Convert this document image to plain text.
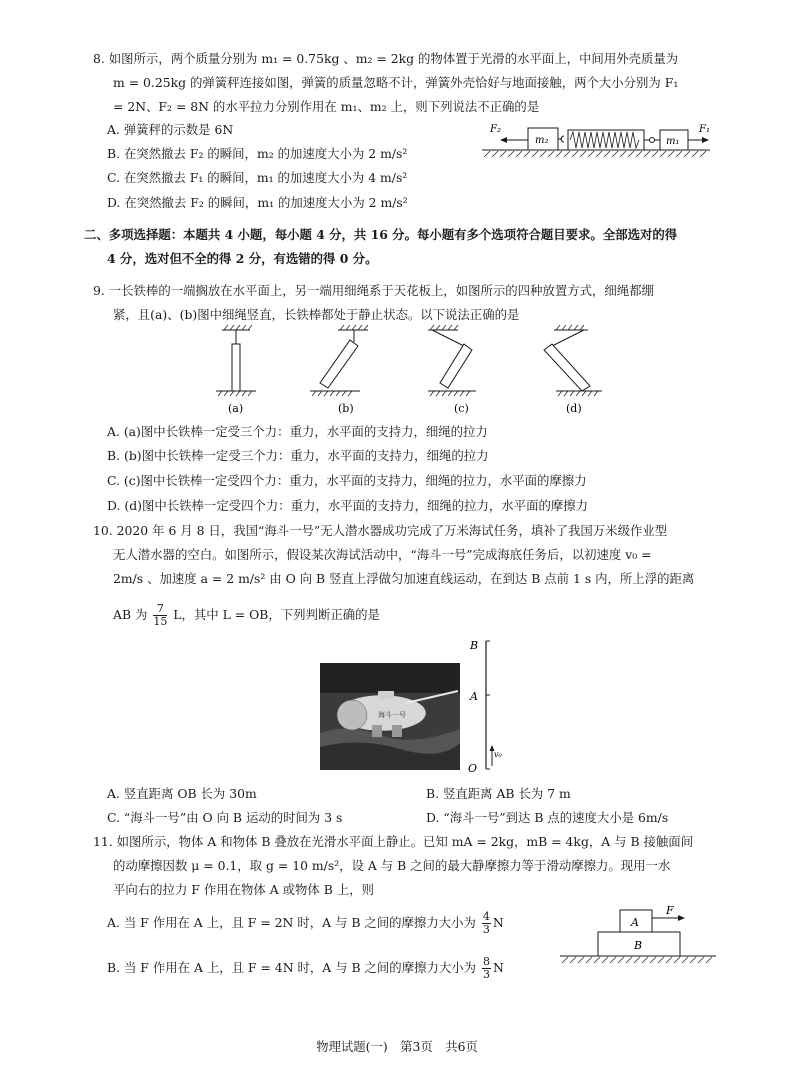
8. 如图所示，两个质量分别为 m₁ = 0.75kg 、m₂ = 2kg 的物体置于光滑的水平面上，中间用外壳质量为
m = 0.25kg 的弹簧秤连接如图，弹簧的质量忽略不计，弹簧外壳恰好与地面接触，两个大小分别为 F₁
= 2N、F₂ = 8N 的水平拉力分别作用在 m₁、m₂ 上，则下列说法不正确的是
A. 弹簧秤的示数是 6N
B. 在突然撤去 F₂ 的瞬间，m₂ 的加速度大小为 2 m/s²
C. 在突然撤去 F₁ 的瞬间，m₁ 的加速度大小为 4 m/s²
D. 在突然撤去 F₂ 的瞬间，m₁ 的加速度大小为 2 m/s²
F₂
m₂	m₁
F₁
二、多项选择题：本题共 4 小题，每小题 4 分，共 16 分。每小题有多个选项符合题目要求。全部选对的得
4 分，选对但不全的得 2 分，有选错的得 0 分。
9. 一长铁棒的一端搁放在水平面上，另一端用细绳系于天花板上，如图所示的四种放置方式，细绳都绷
紧，且(a)、(b)图中细绳竖直，长铁棒都处于静止状态。以下说法正确的是
(a)	(b)	(c)	(d)
A. (a)图中长铁棒一定受三个力：重力，水平面的支持力，细绳的拉力
B. (b)图中长铁棒一定受三个力：重力，水平面的支持力，细绳的拉力
C. (c)图中长铁棒一定受四个力：重力，水平面的支持力，细绳的拉力，水平面的摩擦力
D. (d)图中长铁棒一定受四个力：重力，水平面的支持力，细绳的拉力，水平面的摩擦力
10. 2020 年 6 月 8 日，我国“海斗一号”无人潜水器成功完成了万米海试任务，填补了我国万米级作业型
无人潜水器的空白。如图所示，假设某次海试活动中，“海斗一号”完成海底任务后，以初速度 v₀ =
2m/s 、加速度 a = 2 m/s² 由 O 向 B 竖直上浮做匀加速直线运动，在到达 B 点前 1 s 内，所上浮的距离
AB 为 $\frac{7}{15}$ L，其中 L = OB，下列判断正确的是
海斗一号
B
A
O
v₀
A. 竖直距离 OB 长为 30m	B. 竖直距离 AB 长为 7 m
C. “海斗一号”由 O 向 B 运动的时间为 3 s	D. “海斗一号”到达 B 点的速度大小是 6m/s
11. 如图所示，物体 A 和物体 B 叠放在光滑水平面上静止。已知 mA = 2kg，mB = 4kg，A 与 B 接触面间
的动摩擦因数 μ = 0.1，取 g = 10 m/s²，设 A 与 B 之间的最大静摩擦力等于滑动摩擦力。现用一水
平向右的拉力 F 作用在物体 A 或物体 B 上，则
A. 当 F 作用在 A 上，且 F = 2N 时，A 与 B 之间的摩擦力大小为 $\frac{4}{3}$ N
B. 当 F 作用在 A 上，且 F = 4N 时，A 与 B 之间的摩擦力大小为 $\frac{8}{3}$ N
A
F
B
物理试题(一)　第3页　共6页
